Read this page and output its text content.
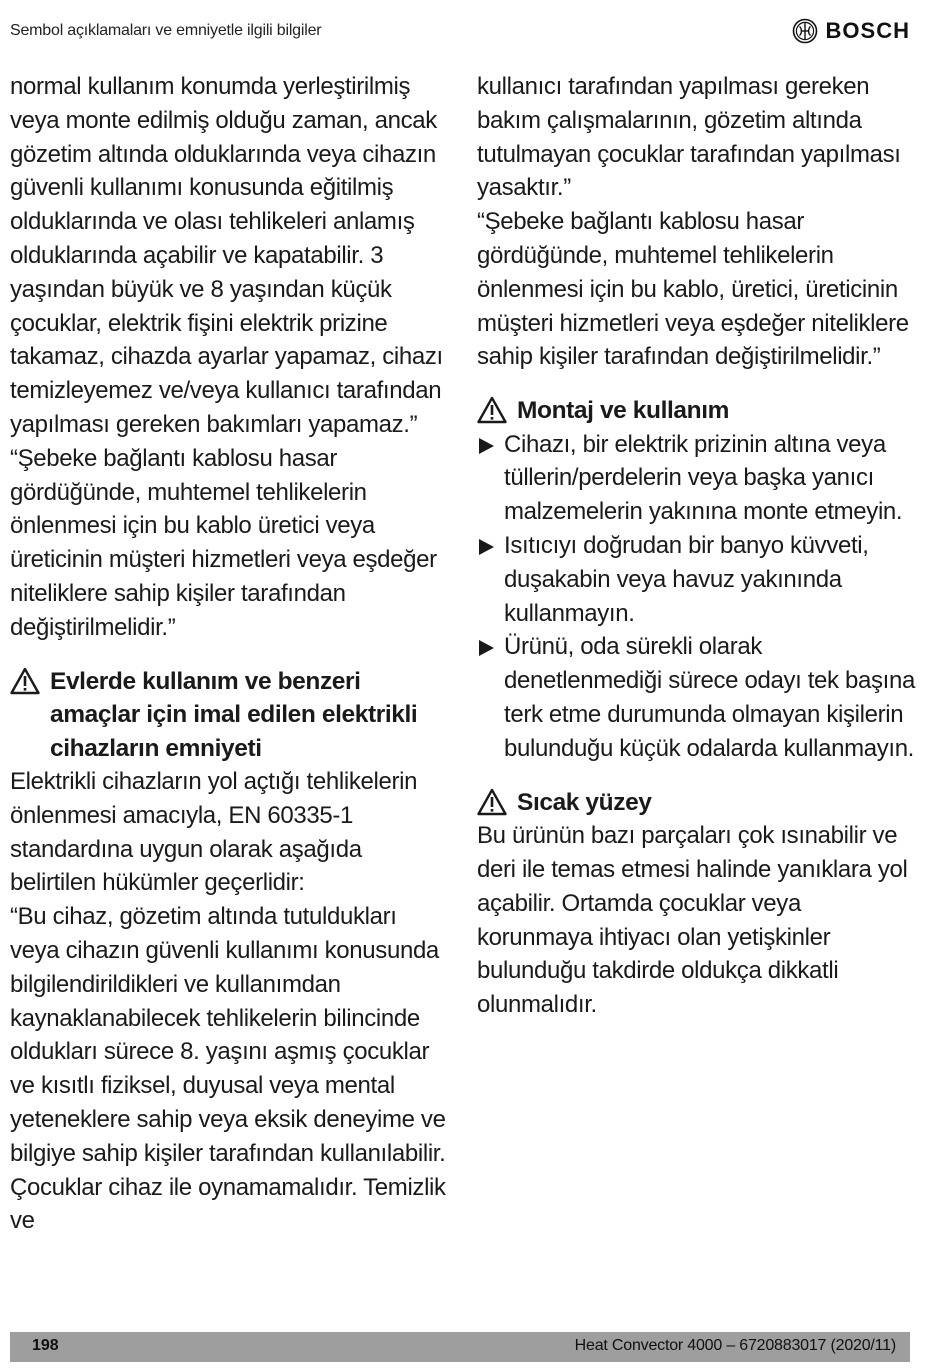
Sembol açıklamaları ve emniyetle ilgili bilgiler	BOSCH

normal kullanım konumda yerleştirilmiş veya monte edilmiş olduğu zaman, ancak gözetim altında olduklarında veya cihazın güvenli kullanımı konusunda eğitilmiş olduklarında ve olası tehlikeleri anlamış olduklarında açabilir ve kapatabilir. 3 yaşından büyük ve 8 yaşından küçük çocuklar, elektrik fişini elektrik prizine takamaz, cihazda ayarlar yapamaz, cihazı temizleyemez ve/veya kullanıcı tarafından yapılması gereken bakımları yapamaz.”

“Şebeke bağlantı kablosu hasar gördüğünde, muhtemel tehlikelerin önlenmesi için bu kablo üretici veya üreticinin müşteri hizmetleri veya eşdeğer niteliklere sahip kişiler tarafından değiştirilmelidir.”

Evlerde kullanım ve benzeri amaçlar için imal edilen elektrikli cihazların emniyeti

Elektrikli cihazların yol açtığı tehlikelerin önlenmesi amacıyla, EN 60335-1 standardına uygun olarak aşağıda belirtilen hükümler geçerlidir:

“Bu cihaz, gözetim altında tutuldukları veya cihazın güvenli kullanımı konusunda bilgilendirildikleri ve kullanımdan kaynaklanabilecek tehlikelerin bilincinde oldukları sürece 8. yaşını aşmış çocuklar ve kısıtlı fiziksel, duyusal veya mental yeteneklere sahip veya eksik deneyime ve bilgiye sahip kişiler tarafından kullanılabilir. Çocuklar cihaz ile oynamamalıdır. Temizlik ve

kullanıcı tarafından yapılması gereken bakım çalışmalarının, gözetim altında tutulmayan çocuklar tarafından yapılması yasaktır.”

“Şebeke bağlantı kablosu hasar gördüğünde, muhtemel tehlikelerin önlenmesi için bu kablo, üretici, üreticinin müşteri hizmetleri veya eşdeğer niteliklere sahip kişiler tarafından değiştirilmelidir.”

Montaj ve kullanım
Cihazı, bir elektrik prizinin altına veya tüllerin/perdelerin veya başka yanıcı malzemelerin yakınına monte etmeyin.
Isıtıcıyı doğrudan bir banyo küvveti, duşakabin veya havuz yakınında kullanmayın.
Ürünü, oda sürekli olarak denetlenmediği sürece odayı tek başına terk etme durumunda olmayan kişilerin bulunduğu küçük odalarda kullanmayın.
Sıcak yüzey

Bu ürünün bazı parçaları çok ısınabilir ve deri ile temas etmesi halinde yanıklara yol açabilir. Ortamda çocuklar veya korunmaya ihtiyacı olan yetişkinler bulunduğu takdirde oldukça dikkatli olunmalıdır.

198	Heat Convector 4000 – 6720883017 (2020/11)
